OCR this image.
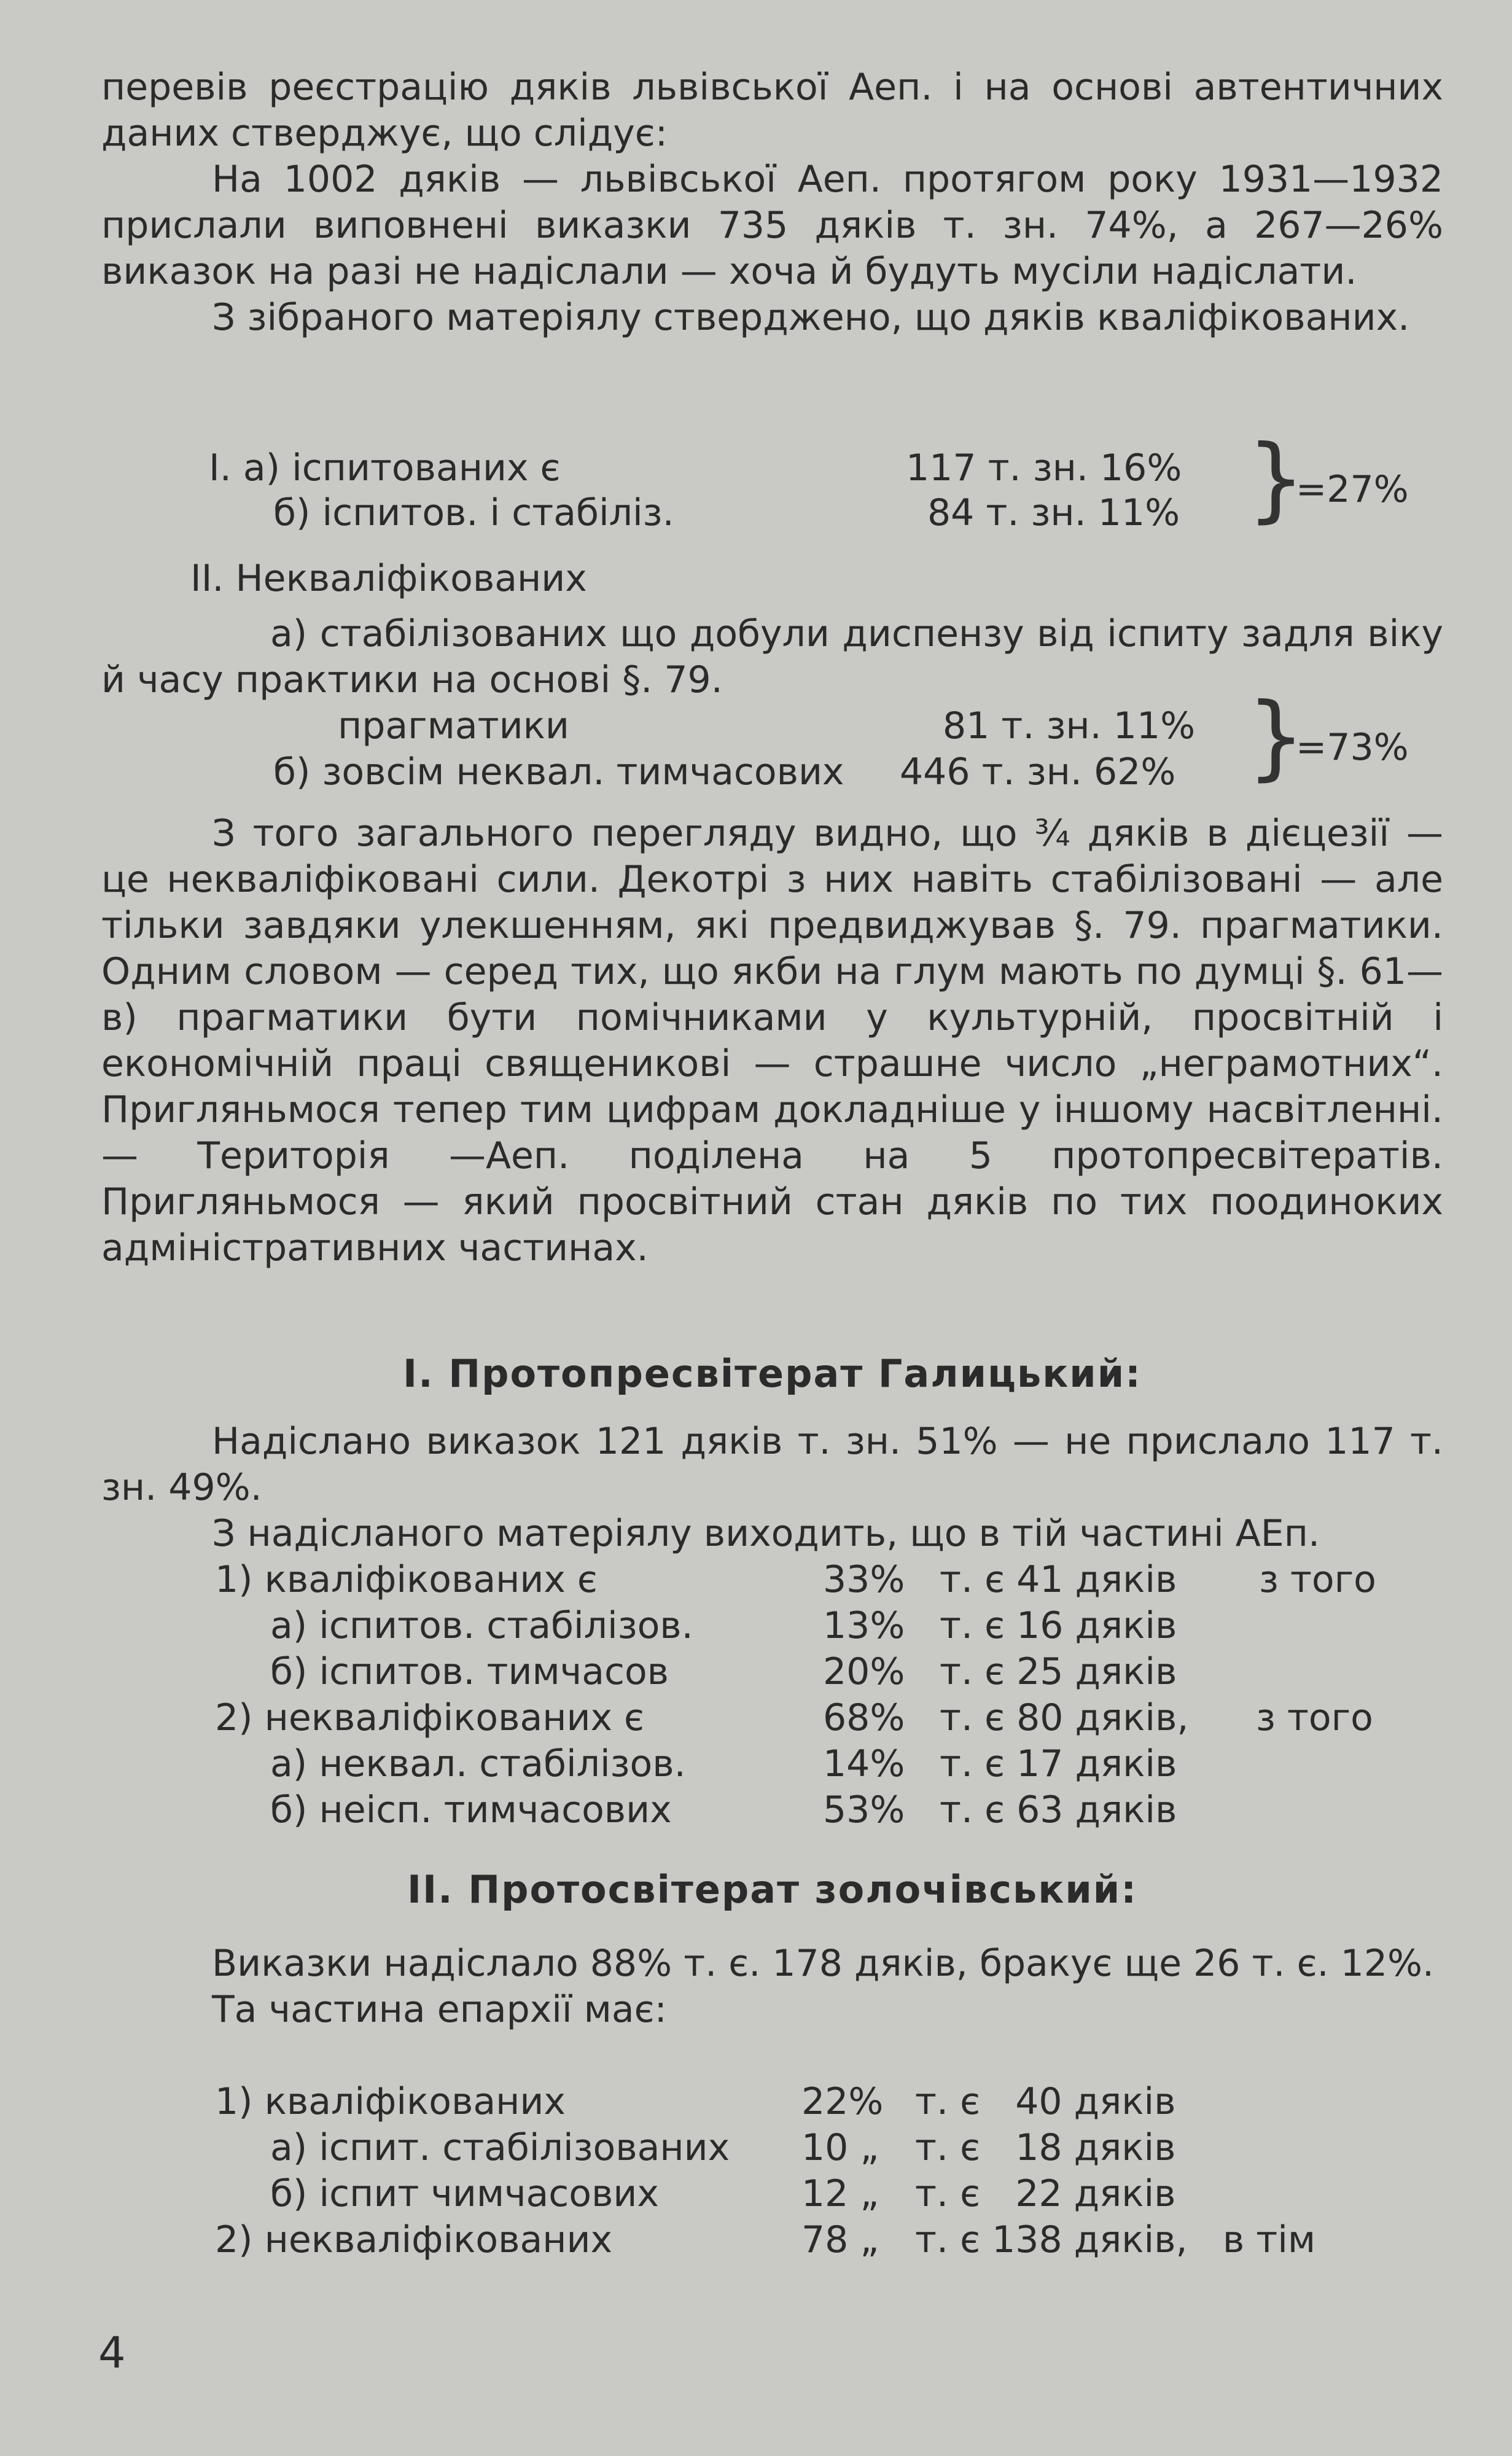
перевів реєстрацію дяків львівської Аеп. і на основі автентичних даних стверджує, що слідує:

На 1002 дяків — львівської Аеп. протягом року 1931—1932 прислали виповнені виказки 735 дяків т. зн. 74%, а 267—26% виказок на разі не надіслали — хоча й будуть мусіли надіслати.

З зібраного матеріялу стверджено, що дяків кваліфікованих.

І. а) іспитованих є	117 т. зн. 16%
б) іспитов. і стабіліз.	84 т. зн. 11% }
=27%
ІІ. Некваліфікованих

а) стабілізованих що добули диспензу від іспиту задля віку й часу практики на основі §. 79.

прагматики	81 т. зн. 11%
б) зовсім неквал. тимчасових 446 т. зн. 62% }
=73%

З того загального перегляду видно, що ¾ дяків в дієцезії — це некваліфіковані сили. Декотрі з них навіть стабілізовані — але тільки завдяки улекшенням, які предвиджував §. 79. прагматики. Одним словом — серед тих, що якби на глум мають по думці §. 61—в) прагматики бути помічниками у культурній, просвітній і економічній праці священикові — страшне число „неграмотних“. Пригляньмося тепер тим цифрам докладніше у іншому насвітленні.— Територія —Аеп. поділена на 5 протопресвітератів. Пригляньмося — який просвітний стан дяків по тих поодиноких адміністративних частинах.

І. Протопресвітерат Галицький:

Надіслано виказок 121 дяків т. зн. 51% — не прислало 117 т. зн. 49%.

З надісланого матеріялу виходить, що в тій частині АЕп.

1) кваліфікованих є	33% т. є 41 дяків з того
а) іспитов. стабілізов.	13% т. є 16 дяків
б) іспитов. тимчасов	20% т. є 25 дяків
2) некваліфікованих є	68% т. є 80 дяків, з того
а) неквал. стабілізов.	14% т. є 17 дяків
б) неісп. тимчасових	53% т. є 63 дяків
ІІ. Протосвітерат золочівський:

Виказки надіслало 88% т. є. 178 дяків, бракує ще 26 т. є. 12%.

Та частина епархії має:

1) кваліфікованих	22% т. є   40 дяків
а) іспит. стабілізованих 10 „ т. є   18 дяків
б) іспит чимчасових	12 „ т. є   22 дяків
2) некваліфікованих	78 „ т. є 138 дяків,   в тім
4
